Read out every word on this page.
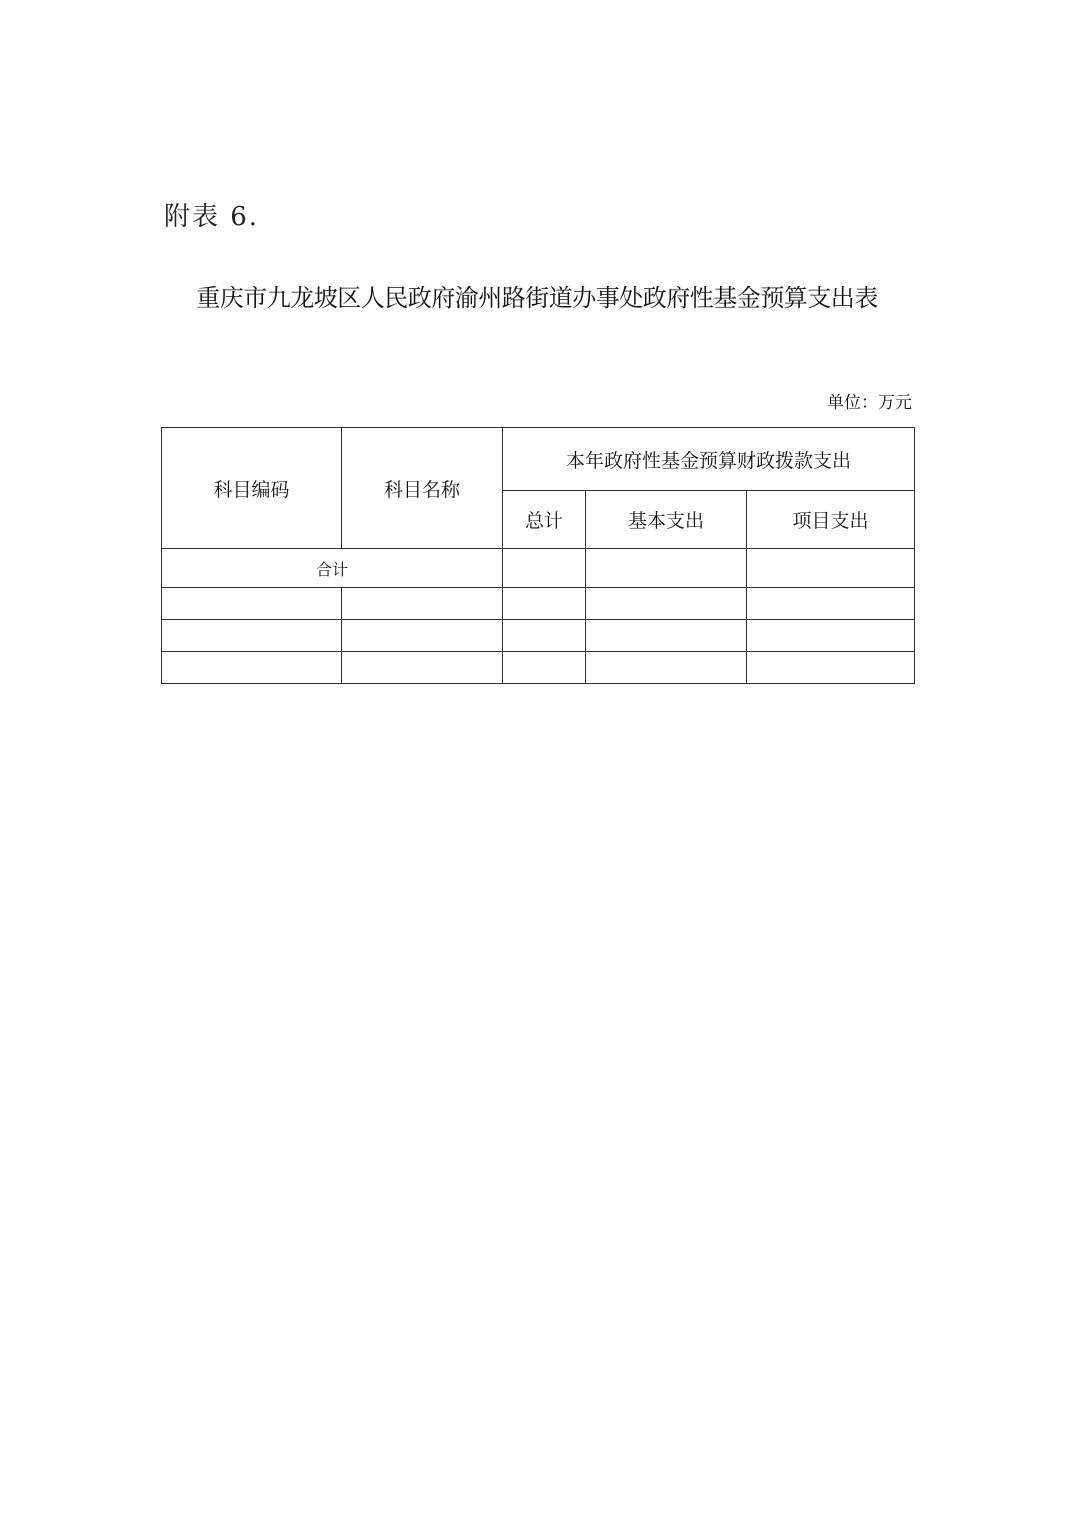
附表 6.
重庆市九龙坡区人民政府渝州路街道办事处政府性基金预算支出表
单位：万元
科目编码	科目名称	本年政府性基金预算财政拨款支出		
		总计	基本支出	项目支出
合计				
